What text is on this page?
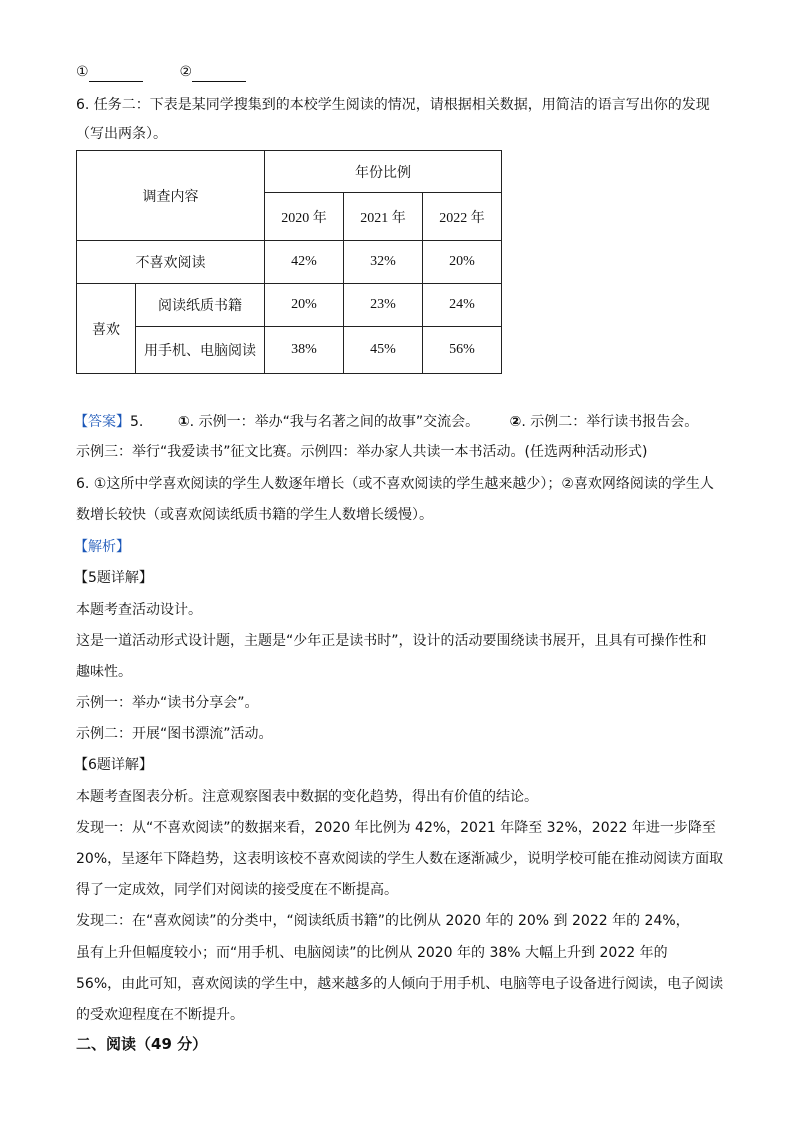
①	②
6. 任务二：下表是某同学搜集到的本校学生阅读的情况，请根据相关数据，用简洁的语言写出你的发现
（写出两条）。
调查内容		年份比例		
		2020 年	2021 年	2022 年
不喜欢阅读		42%	32%	20%
喜欢	阅读纸质书籍	20%	23%	24%
	用手机、电脑阅读	38%	45%	56%
【答案】5. ①. 示例一：举办“我与名著之间的故事”交流会。 ②. 示例二：举行读书报告会。
示例三：举行“我爱读书”征文比赛。示例四：举办家人共读一本书活动。(任选两种活动形式)
6. ①这所中学喜欢阅读的学生人数逐年增长（或不喜欢阅读的学生越来越少）；②喜欢网络阅读的学生人
数增长较快（或喜欢阅读纸质书籍的学生人数增长缓慢）。
【解析】
【5题详解】
本题考查活动设计。
这是一道活动形式设计题，主题是“少年正是读书时”，设计的活动要围绕读书展开，且具有可操作性和
趣味性。
示例一：举办“读书分享会”。
示例二：开展“图书漂流”活动。
【6题详解】
本题考查图表分析。注意观察图表中数据的变化趋势，得出有价值的结论。
发现一：从“不喜欢阅读”的数据来看，2020 年比例为 42%，2021 年降至 32%，2022 年进一步降至
20%，呈逐年下降趋势，这表明该校不喜欢阅读的学生人数在逐渐减少，说明学校可能在推动阅读方面取
得了一定成效，同学们对阅读的接受度在不断提高。
发现二：在“喜欢阅读”的分类中，“阅读纸质书籍”的比例从 2020 年的 20% 到 2022 年的 24%，
虽有上升但幅度较小；而“用手机、电脑阅读”的比例从 2020 年的 38% 大幅上升到 2022 年的
56%，由此可知，喜欢阅读的学生中，越来越多的人倾向于用手机、电脑等电子设备进行阅读，电子阅读
的受欢迎程度在不断提升。
二、阅读（49 分）
